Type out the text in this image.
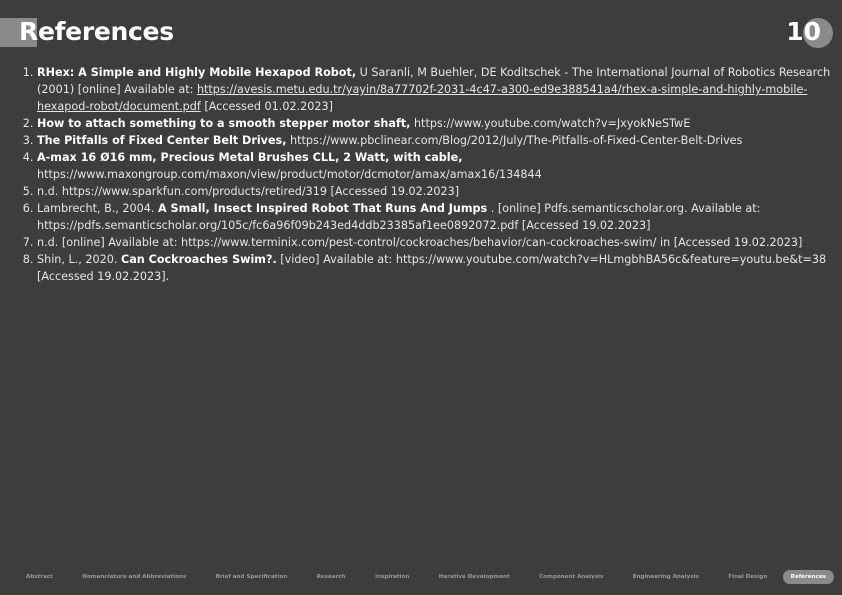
References	10
1. RHex: A Simple and Highly Mobile Hexapod Robot, U Saranli, M Buehler, DE Koditschek - The International Journal of Robotics Research (2001) [online] Available at: https://avesis.metu.edu.tr/yayin/8a77702f-2031-4c47-a300-ed9e388541a4/rhex-a-simple-and-highly-mobile-hexapod-robot/document.pdf [Accessed 01.02.2023]
2. How to attach something to a smooth stepper motor shaft, https://www.youtube.com/watch?v=JxyokNeSTwE
3. The Pitfalls of Fixed Center Belt Drives, https://www.pbclinear.com/Blog/2012/July/The-Pitfalls-of-Fixed-Center-Belt-Drives
4. A-max 16 Ø16 mm, Precious Metal Brushes CLL, 2 Watt, with cable, https://www.maxongroup.com/maxon/view/product/motor/dcmotor/amax/amax16/134844
5. n.d. https://www.sparkfun.com/products/retired/319 [Accessed 19.02.2023]
6. Lambrecht, B., 2004. A Small, Insect Inspired Robot That Runs And Jumps . [online] Pdfs.semanticscholar.org. Available at: https://pdfs.semanticscholar.org/105c/fc6a96f09b243ed4ddb23385af1ee0892072.pdf [Accessed 19.02.2023]
7. n.d. [online] Available at: https://www.terminix.com/pest-control/cockroaches/behavior/can-cockroaches-swim/ in [Accessed 19.02.2023]
8. Shin, L., 2020. Can Cockroaches Swim?. [video] Available at: https://www.youtube.com/watch?v=HLmgbhBA56c&feature=youtu.be&t=38 [Accessed 19.02.2023].
Abstract	Nomenclature and Abbreviations	Brief and Specification	Research	Inspiration	Iterative Development	Component Analysis	Engineering Analysis	Final Design	References
